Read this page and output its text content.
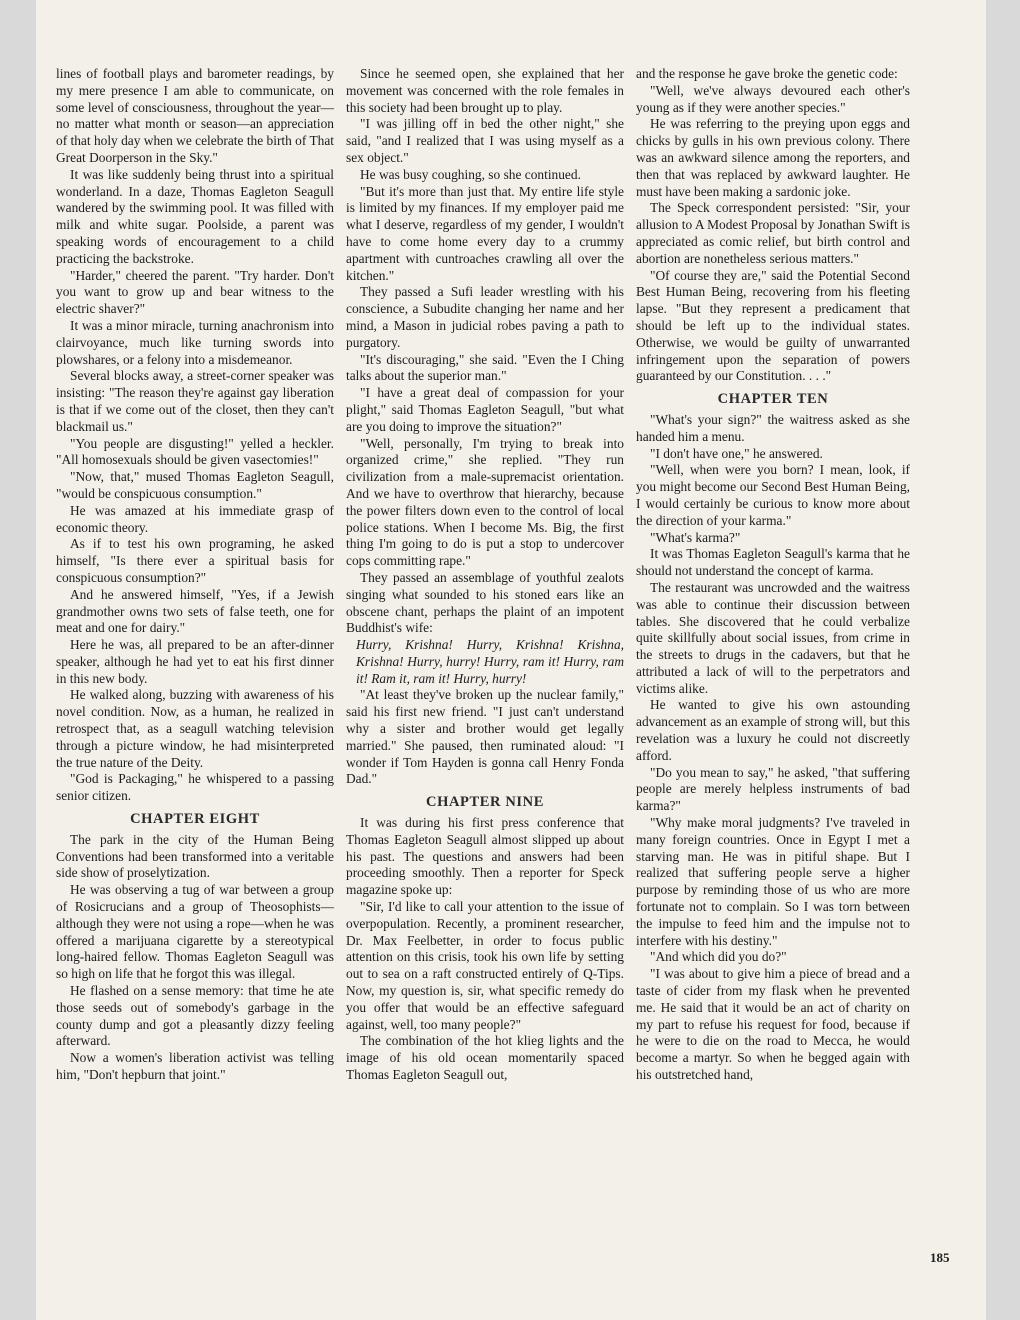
lines of football plays and barometer readings, by my mere presence I am able to communicate, on some level of consciousness, throughout the year—no matter what month or season—an appreciation of that holy day when we celebrate the birth of That Great Doorperson in the Sky."

It was like suddenly being thrust into a spiritual wonderland. In a daze, Thomas Eagleton Seagull wandered by the swimming pool. It was filled with milk and white sugar. Poolside, a parent was speaking words of encouragement to a child practicing the backstroke.

"Harder," cheered the parent. "Try harder. Don't you want to grow up and bear witness to the electric shaver?"

It was a minor miracle, turning anachronism into clairvoyance, much like turning swords into plowshares, or a felony into a misdemeanor.

Several blocks away, a street-corner speaker was insisting: "The reason they're against gay liberation is that if we come out of the closet, then they can't blackmail us."

"You people are disgusting!" yelled a heckler. "All homosexuals should be given vasectomies!"

"Now, that," mused Thomas Eagleton Seagull, "would be conspicuous consumption."

He was amazed at his immediate grasp of economic theory.

As if to test his own programing, he asked himself, "Is there ever a spiritual basis for conspicuous consumption?"

And he answered himself, "Yes, if a Jewish grandmother owns two sets of false teeth, one for meat and one for dairy."

Here he was, all prepared to be an after-dinner speaker, although he had yet to eat his first dinner in this new body.

He walked along, buzzing with awareness of his novel condition. Now, as a human, he realized in retrospect that, as a seagull watching television through a picture window, he had misinterpreted the true nature of the Deity.

"God is Packaging," he whispered to a passing senior citizen.

CHAPTER EIGHT

The park in the city of the Human Being Conventions had been transformed into a veritable side show of proselytization.

He was observing a tug of war between a group of Rosicrucians and a group of Theosophists—although they were not using a rope—when he was offered a marijuana cigarette by a stereotypical long-haired fellow. Thomas Eagleton Seagull was so high on life that he forgot this was illegal.

He flashed on a sense memory: that time he ate those seeds out of somebody's garbage in the county dump and got a pleasantly dizzy feeling afterward.

Now a women's liberation activist was telling him, "Don't hepburn that joint."

Since he seemed open, she explained that her movement was concerned with the role females in this society had been brought up to play.

"I was jilling off in bed the other night," she said, "and I realized that I was using myself as a sex object."

He was busy coughing, so she continued.

"But it's more than just that. My entire life style is limited by my finances. If my employer paid me what I deserve, regardless of my gender, I wouldn't have to come home every day to a crummy apartment with cuntroaches crawling all over the kitchen."

They passed a Sufi leader wrestling with his conscience, a Subudite changing her name and her mind, a Mason in judicial robes paving a path to purgatory.

"It's discouraging," she said. "Even the I Ching talks about the superior man."

"I have a great deal of compassion for your plight," said Thomas Eagleton Seagull, "but what are you doing to improve the situation?"

"Well, personally, I'm trying to break into organized crime," she replied. "They run civilization from a male-supremacist orientation. And we have to overthrow that hierarchy, because the power filters down even to the control of local police stations. When I become Ms. Big, the first thing I'm going to do is put a stop to undercover cops committing rape."

They passed an assemblage of youthful zealots singing what sounded to his stoned ears like an obscene chant, perhaps the plaint of an impotent Buddhist's wife:

Hurry, Krishna! Hurry, Krishna! Krishna, Krishna! Hurry, hurry! Hurry, ram it! Hurry, ram it! Ram it, ram it! Hurry, hurry!

"At least they've broken up the nuclear family," said his first new friend. "I just can't understand why a sister and brother would get legally married." She paused, then ruminated aloud: "I wonder if Tom Hayden is gonna call Henry Fonda Dad."

CHAPTER NINE

It was during his first press conference that Thomas Eagleton Seagull almost slipped up about his past. The questions and answers had been proceeding smoothly. Then a reporter for Speck magazine spoke up:

"Sir, I'd like to call your attention to the issue of overpopulation. Recently, a prominent researcher, Dr. Max Feelbetter, in order to focus public attention on this crisis, took his own life by setting out to sea on a raft constructed entirely of Q-Tips. Now, my question is, sir, what specific remedy do you offer that would be an effective safeguard against, well, too many people?"

The combination of the hot klieg lights and the image of his old ocean momentarily spaced Thomas Eagleton Seagull out,

and the response he gave broke the genetic code:

"Well, we've always devoured each other's young as if they were another species."

He was referring to the preying upon eggs and chicks by gulls in his own previous colony. There was an awkward silence among the reporters, and then that was replaced by awkward laughter. He must have been making a sardonic joke.

The Speck correspondent persisted: "Sir, your allusion to A Modest Proposal by Jonathan Swift is appreciated as comic relief, but birth control and abortion are nonetheless serious matters."

"Of course they are," said the Potential Second Best Human Being, recovering from his fleeting lapse. "But they represent a predicament that should be left up to the individual states. Otherwise, we would be guilty of unwarranted infringement upon the separation of powers guaranteed by our Constitution. . . ."

CHAPTER TEN

"What's your sign?" the waitress asked as she handed him a menu.

"I don't have one," he answered.

"Well, when were you born? I mean, look, if you might become our Second Best Human Being, I would certainly be curious to know more about the direction of your karma."

"What's karma?"

It was Thomas Eagleton Seagull's karma that he should not understand the concept of karma.

The restaurant was uncrowded and the waitress was able to continue their discussion between tables. She discovered that he could verbalize quite skillfully about social issues, from crime in the streets to drugs in the cadavers, but that he attributed a lack of will to the perpetrators and victims alike.

He wanted to give his own astounding advancement as an example of strong will, but this revelation was a luxury he could not discreetly afford.

"Do you mean to say," he asked, "that suffering people are merely helpless instruments of bad karma?"

"Why make moral judgments? I've traveled in many foreign countries. Once in Egypt I met a starving man. He was in pitiful shape. But I realized that suffering people serve a higher purpose by reminding those of us who are more fortunate not to complain. So I was torn between the impulse to feed him and the impulse not to interfere with his destiny."

"And which did you do?"

"I was about to give him a piece of bread and a taste of cider from my flask when he prevented me. He said that it would be an act of charity on my part to refuse his request for food, because if he were to die on the road to Mecca, he would become a martyr. So when he begged again with his outstretched hand,

185
